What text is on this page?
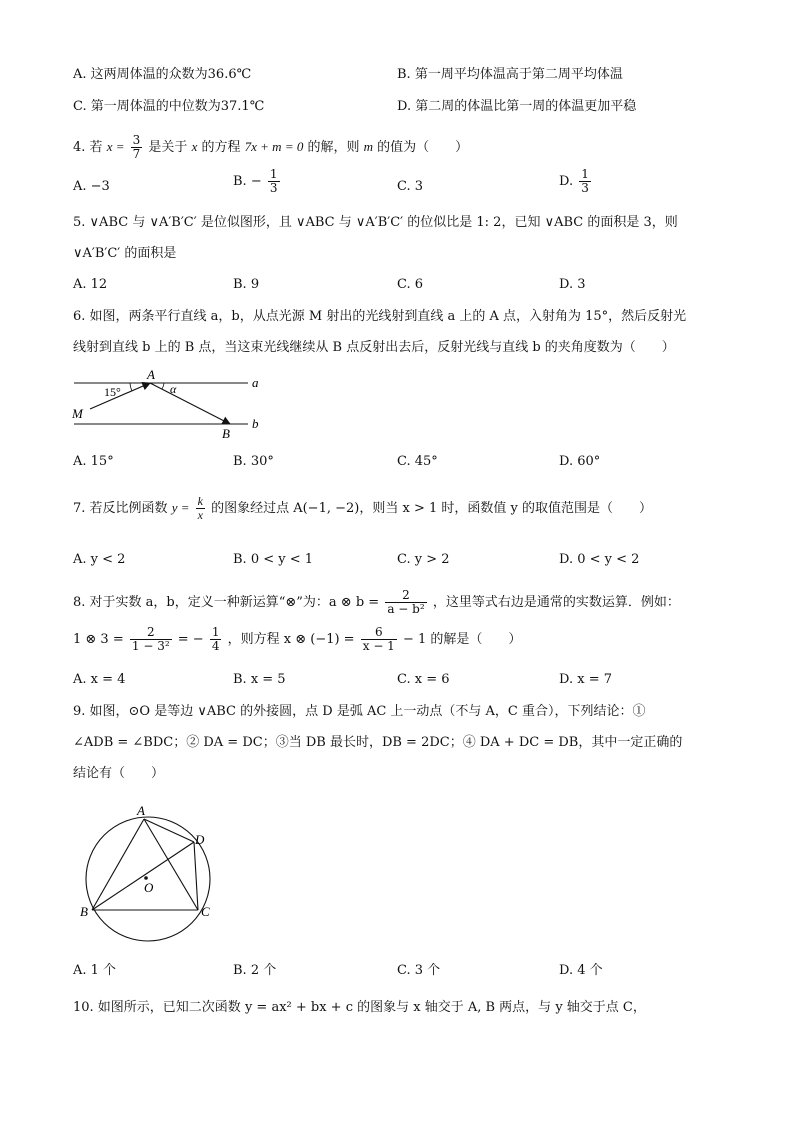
A. 这两周体温的众数为36.6℃	B. 第一周平均体温高于第二周平均体温
C. 第一周体温的中位数为37.1℃	D. 第二周的体温比第一周的体温更加平稳
4. 若 $x = \frac{3}{7}$ 是关于 x 的方程 7x + m = 0 的解，则 m 的值为（　　）
A. −3	B. − $\frac{1}{3}$	C. 3	D. $\frac{1}{3}$
5. ∨ABC 与 ∨A′B′C′ 是位似图形，且 ∨ABC 与 ∨A′B′C′ 的位似比是 1: 2，已知 ∨ABC 的面积是 3，则
∨A′B′C′ 的面积是
A. 12	B. 9	C. 6	D. 3
6. 如图，两条平行直线 a，b，从点光源 M 射出的光线射到直线 a 上的 A 点，入射角为 15°，然后反射光
线射到直线 b 上的 B 点，当这束光线继续从 B 点反射出去后，反射光线与直线 b 的夹角度数为（　　）
A
a
α
15°
M
B
b
A. 15°	B. 30°	C. 45°	D. 60°
7. 若反比例函数 $y = \frac{k}{x}$ 的图象经过点 A(−1, −2)，则当 x > 1 时，函数值 y 的取值范围是（　　）
A. y < 2	B. 0 < y < 1	C. y > 2	D. 0 < y < 2
8. 对于实数 a，b，定义一种新运算“⊗”为：a ⊗ $b = \frac{2}{\text{a − b²}}$ ，这里等式右边是通常的实数运算．例如：
1 ⊗ $3 = \frac{2}{\text{1 − 3²}}$ = − $\frac{1}{4}$ ，则方程 x ⊗ $(-1) = \frac{6}{x - 1} - 1$ 的解是（　　）
A. x = 4	B. x = 5	C. x = 6	D. x = 7
9. 如图，⊙O 是等边 ∨ABC 的外接圆，点 D 是弧 AC 上一动点（不与 A，C 重合），下列结论：①
∠ADB = ∠BDC；② DA = DC；③当 DB 最长时，DB = 2DC；④ DA + DC = DB，其中一定正确的
结论有（　　）
A
D
O
B	C
A. 1 个	B. 2 个	C. 3 个	D. 4 个
10. 如图所示，已知二次函数 y = ax² + bx + c 的图象与 x 轴交于 A, B 两点，与 y 轴交于点 C，
